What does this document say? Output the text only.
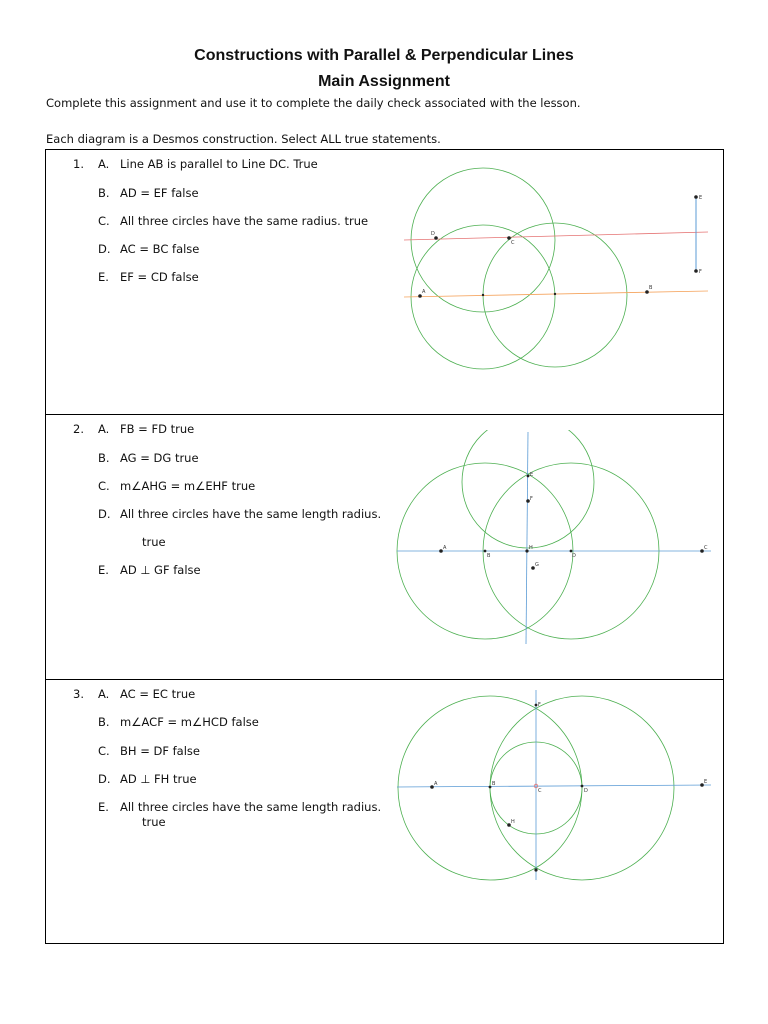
Constructions with Parallel & Perpendicular Lines
Main Assignment
Complete this assignment and use it to complete the daily check associated with the lesson.
Each diagram is a Desmos construction. Select ALL true statements.
1. A. Line AB is parallel to Line DC. True
B. AD = EF false
C. All three circles have the same radius. true
D. AC = BC false
E. EF = CD false
2. A. FB = FD true
B. AG = DG true
C. m∠AHG = m∠EHF true
D. All three circles have the same length radius.
true
E. AD ⊥ GF false
3. A. AC = EC true
B. m∠ACF = m∠HCD false
C. BH = DF false
D. AD ⊥ FH true
E. All three circles have the same length radius.
true
A
B
C
D
E
F
A
B
C
D
E
F
G
H
A	B
C	D
E
F
H
